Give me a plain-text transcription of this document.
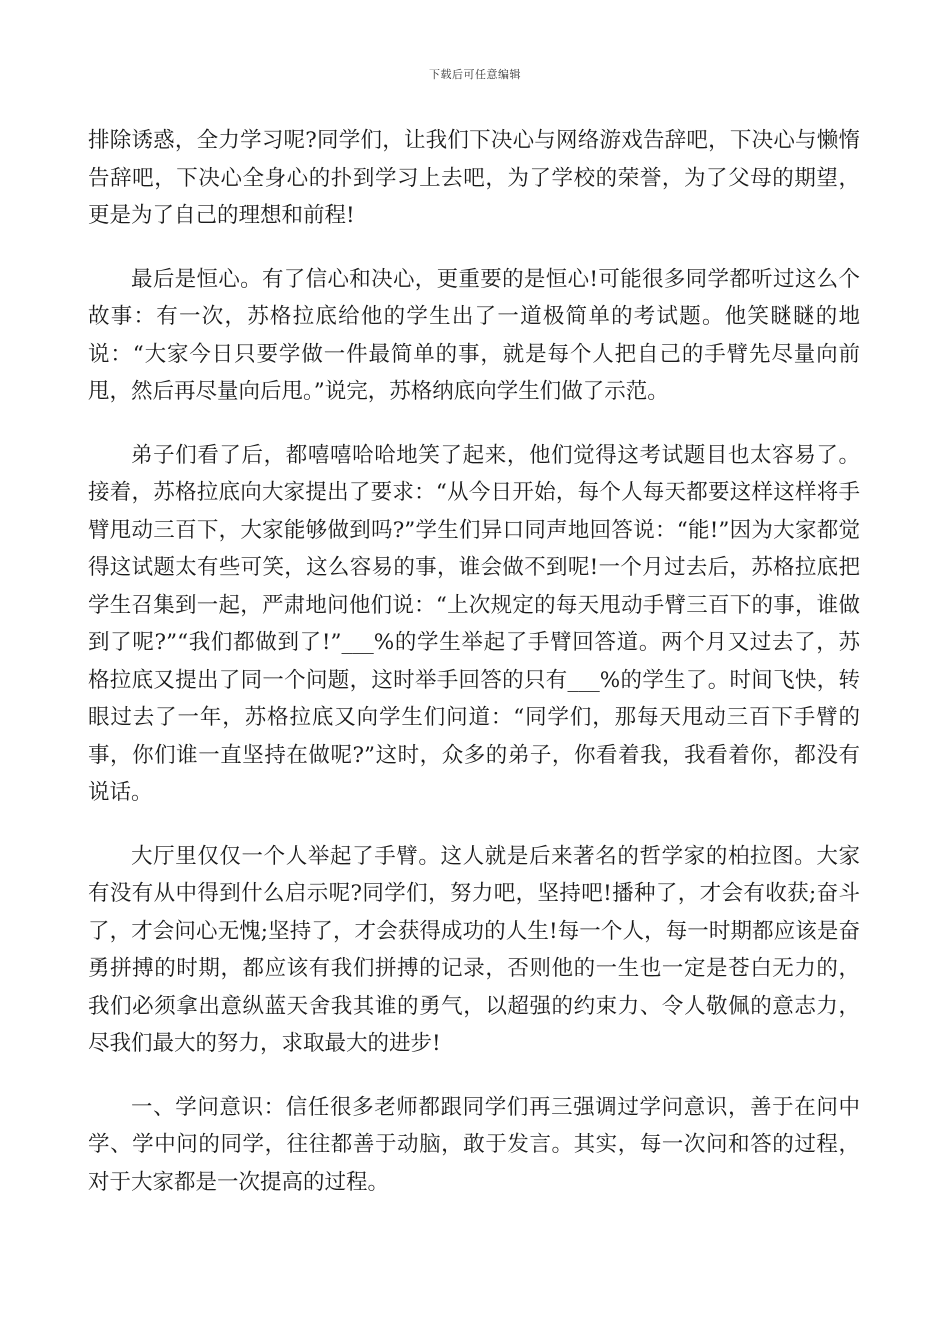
下载后可任意编辑

排除诱惑，全力学习呢?同学们，让我们下决心与网络游戏告辞吧，下决心与懒惰告辞吧，下决心全身心的扑到学习上去吧，为了学校的荣誉，为了父母的期望，更是为了自己的理想和前程!

最后是恒心。有了信心和决心，更重要的是恒心!可能很多同学都听过这么个故事：有一次，苏格拉底给他的学生出了一道极简单的考试题。他笑瞇瞇的地说：“大家今日只要学做一件最简单的事，就是每个人把自己的手臂先尽量向前甩，然后再尽量向后甩。”说完，苏格纳底向学生们做了示范。

弟子们看了后，都嘻嘻哈哈地笑了起来，他们觉得这考试题目也太容易了。接着，苏格拉底向大家提出了要求：“从今日开始，每个人每天都要这样这样将手臂甩动三百下，大家能够做到吗?”学生们异口同声地回答说：“能!”因为大家都觉得这试题太有些可笑，这么容易的事，谁会做不到呢!一个月过去后，苏格拉底把学生召集到一起，严肃地问他们说：“上次规定的每天甩动手臂三百下的事，谁做到了呢?”“我们都做到了!”___%的学生举起了手臂回答道。两个月又过去了，苏格拉底又提出了同一个问题，这时举手回答的只有___%的学生了。时间飞快，转眼过去了一年，苏格拉底又向学生们问道：“同学们，那每天甩动三百下手臂的事，你们谁一直坚持在做呢?”这时，众多的弟子，你看着我，我看着你，都没有说话。

大厅里仅仅一个人举起了手臂。这人就是后来著名的哲学家的柏拉图。大家有没有从中得到什么启示呢?同学们，努力吧，坚持吧!播种了，才会有收获;奋斗了，才会问心无愧;坚持了，才会获得成功的人生!每一个人，每一时期都应该是奋勇拼搏的时期，都应该有我们拼搏的记录，否则他的一生也一定是苍白无力的，我们必须拿出意纵蓝天舍我其谁的勇气，以超强的约束力、令人敬佩的意志力，尽我们最大的努力，求取最大的进步!

一、学问意识：信任很多老师都跟同学们再三强调过学问意识，善于在问中学、学中问的同学，往往都善于动脑，敢于发言。其实，每一次问和答的过程，对于大家都是一次提高的过程。
